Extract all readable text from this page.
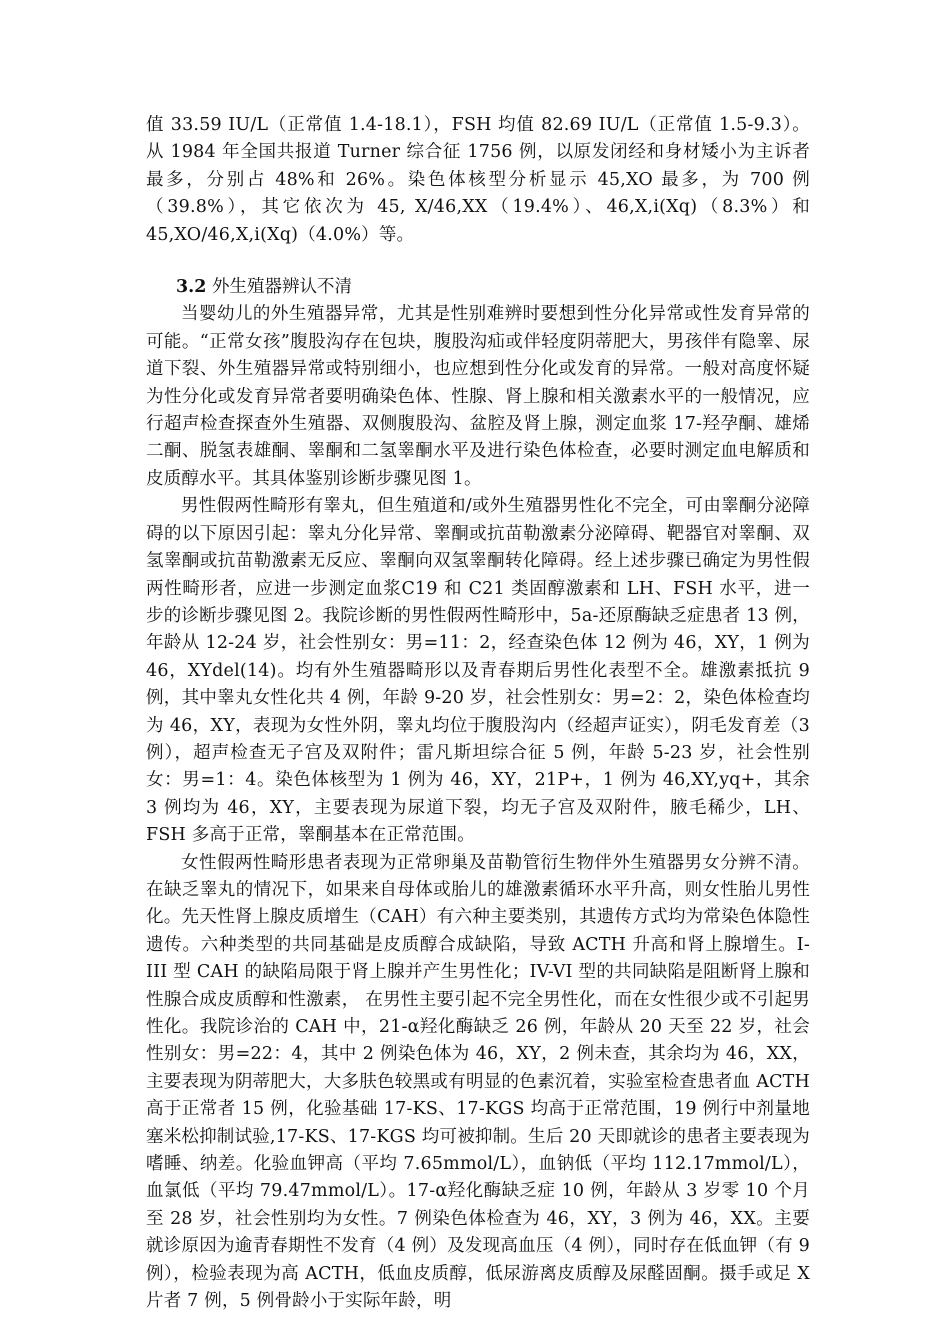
值 33.59 IU/L（正常值 1.4-18.1），FSH 均值 82.69 IU/L（正常值 1.5-9.3）。从 1984 年全国共报道 Turner 综合征 1756 例，以原发闭经和身材矮小为主诉者最多，分别占 48%和 26%。染色体核型分析显示 45,XO 最多，为 700 例（39.8%），其它依次为 45, X/46,XX（19.4%）、46,X,i(Xq)（8.3%）和 45,XO/46,X,i(Xq)（4.0%）等。

3.2 外生殖器辨认不清

当婴幼儿的外生殖器异常，尤其是性别难辨时要想到性分化异常或性发育异常的可能。“正常女孩”腹股沟存在包块，腹股沟疝或伴轻度阴蒂肥大，男孩伴有隐睾、尿道下裂、外生殖器异常或特别细小，也应想到性分化或发育的异常。一般对高度怀疑为性分化或发育异常者要明确染色体、性腺、肾上腺和相关激素水平的一般情况，应行超声检查探查外生殖器、双侧腹股沟、盆腔及肾上腺，测定血浆 17-羟孕酮、雄烯二酮、脱氢表雄酮、睾酮和二氢睾酮水平及进行染色体检查，必要时测定血电解质和皮质醇水平。其具体鉴别诊断步骤见图 1。

男性假两性畸形有睾丸，但生殖道和/或外生殖器男性化不完全，可由睾酮分泌障碍的以下原因引起：睾丸分化异常、睾酮或抗苗勒激素分泌障碍、靶器官对睾酮、双氢睾酮或抗苗勒激素无反应、睾酮向双氢睾酮转化障碍。经上述步骤已确定为男性假两性畸形者，应进一步测定血浆C19 和 C21 类固醇激素和 LH、FSH 水平，进一步的诊断步骤见图 2。我院诊断的男性假两性畸形中，5a-还原酶缺乏症患者 13 例，年龄从 12-24 岁，社会性别女：男=11：2，经查染色体 12 例为 46，XY，1 例为 46，XYdel(14)。均有外生殖器畸形以及青春期后男性化表型不全。雄激素抵抗 9 例，其中睾丸女性化共 4 例，年龄 9-20 岁，社会性别女：男=2：2，染色体检查均为 46，XY，表现为女性外阴，睾丸均位于腹股沟内（经超声证实），阴毛发育差（3 例），超声检查无子宫及双附件；雷凡斯坦综合征 5 例，年龄 5-23 岁，社会性别女：男=1：4。染色体核型为 1 例为 46，XY，21P+，1 例为 46,XY,yq+，其余 3 例均为 46，XY，主要表现为尿道下裂，均无子宫及双附件，腋毛稀少，LH、FSH 多高于正常，睾酮基本在正常范围。

女性假两性畸形患者表现为正常卵巢及苗勒管衍生物伴外生殖器男女分辨不清。在缺乏睾丸的情况下，如果来自母体或胎儿的雄激素循环水平升高，则女性胎儿男性化。先天性肾上腺皮质增生（CAH）有六种主要类别，其遗传方式均为常染色体隐性遗传。六种类型的共同基础是皮质醇合成缺陷，导致 ACTH 升高和肾上腺增生。I-III 型 CAH 的缺陷局限于肾上腺并产生男性化；IV-VI 型的共同缺陷是阻断肾上腺和性腺合成皮质醇和性激素， 在男性主要引起不完全男性化，而在女性很少或不引起男性化。我院诊治的 CAH 中，21-α羟化酶缺乏 26 例，年龄从 20 天至 22 岁，社会性别女：男=22：4，其中 2 例染色体为 46，XY，2 例未查，其余均为 46，XX，主要表现为阴蒂肥大，大多肤色较黑或有明显的色素沉着，实验室检查患者血 ACTH 高于正常者 15 例，化验基础 17-KS、17-KGS 均高于正常范围，19 例行中剂量地塞米松抑制试验,17-KS、17-KGS 均可被抑制。生后 20 天即就诊的患者主要表现为嗜睡、纳差。化验血钾高（平均 7.65mmol/L），血钠低（平均 112.17mmol/L），血氯低（平均 79.47mmol/L）。17-α羟化酶缺乏症 10 例，年龄从 3 岁零 10 个月至 28 岁，社会性别均为女性。7 例染色体检查为 46，XY，3 例为 46，XX。主要就诊原因为逾青春期性不发育（4 例）及发现高血压（4 例），同时存在低血钾（有 9 例），检验表现为高 ACTH，低血皮质醇，低尿游离皮质醇及尿醛固酮。摄手或足 X 片者 7 例，5 例骨龄小于实际年龄，明
